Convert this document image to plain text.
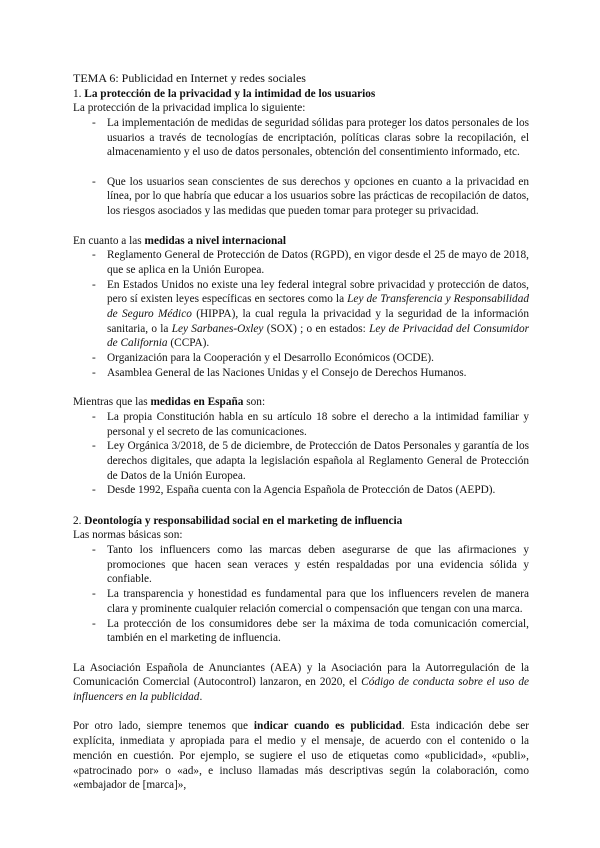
TEMA 6: Publicidad en Internet y redes sociales
1. La protección de la privacidad y la intimidad de los usuarios
La protección de la privacidad implica lo siguiente:
- La implementación de medidas de seguridad sólidas para proteger los datos personales de los usuarios a través de tecnologías de encriptación, políticas claras sobre la recopilación, el almacenamiento y el uso de datos personales, obtención del consentimiento informado, etc.
- Que los usuarios sean conscientes de sus derechos y opciones en cuanto a la privacidad en línea, por lo que habría que educar a los usuarios sobre las prácticas de recopilación de datos, los riesgos asociados y las medidas que pueden tomar para proteger su privacidad.
En cuanto a las medidas a nivel internacional
- Reglamento General de Protección de Datos (RGPD), en vigor desde el 25 de mayo de 2018, que se aplica en la Unión Europea.
- En Estados Unidos no existe una ley federal integral sobre privacidad y protección de datos, pero sí existen leyes específicas en sectores como la Ley de Transferencia y Responsabilidad de Seguro Médico (HIPPA), la cual regula la privacidad y la seguridad de la información sanitaria, o la Ley Sarbanes-Oxley (SOX) ; o en estados: Ley de Privacidad del Consumidor de California (CCPA).
- Organización para la Cooperación y el Desarrollo Económicos (OCDE).
- Asamblea General de las Naciones Unidas y el Consejo de Derechos Humanos.
Mientras que las medidas en España son:
- La propia Constitución habla en su artículo 18 sobre el derecho a la intimidad familiar y personal y el secreto de las comunicaciones.
- Ley Orgánica 3/2018, de 5 de diciembre, de Protección de Datos Personales y garantía de los derechos digitales, que adapta la legislación española al Reglamento General de Protección de Datos de la Unión Europea.
- Desde 1992, España cuenta con la Agencia Española de Protección de Datos (AEPD).
2. Deontología y responsabilidad social en el marketing de influencia
Las normas básicas son:
- Tanto los influencers como las marcas deben asegurarse de que las afirmaciones y promociones que hacen sean veraces y estén respaldadas por una evidencia sólida y confiable.
- La transparencia y honestidad es fundamental para que los influencers revelen de manera clara y prominente cualquier relación comercial o compensación que tengan con una marca.
- La protección de los consumidores debe ser la máxima de toda comunicación comercial, también en el marketing de influencia.
La Asociación Española de Anunciantes (AEA) y la Asociación para la Autorregulación de la Comunicación Comercial (Autocontrol) lanzaron, en 2020, el Código de conducta sobre el uso de influencers en la publicidad.
Por otro lado, siempre tenemos que indicar cuando es publicidad. Esta indicación debe ser explícita, inmediata y apropiada para el medio y el mensaje, de acuerdo con el contenido o la mención en cuestión. Por ejemplo, se sugiere el uso de etiquetas como «publicidad», «publi», «patrocinado por» o «ad», e incluso llamadas más descriptivas según la colaboración, como «embajador de [marca]»,
